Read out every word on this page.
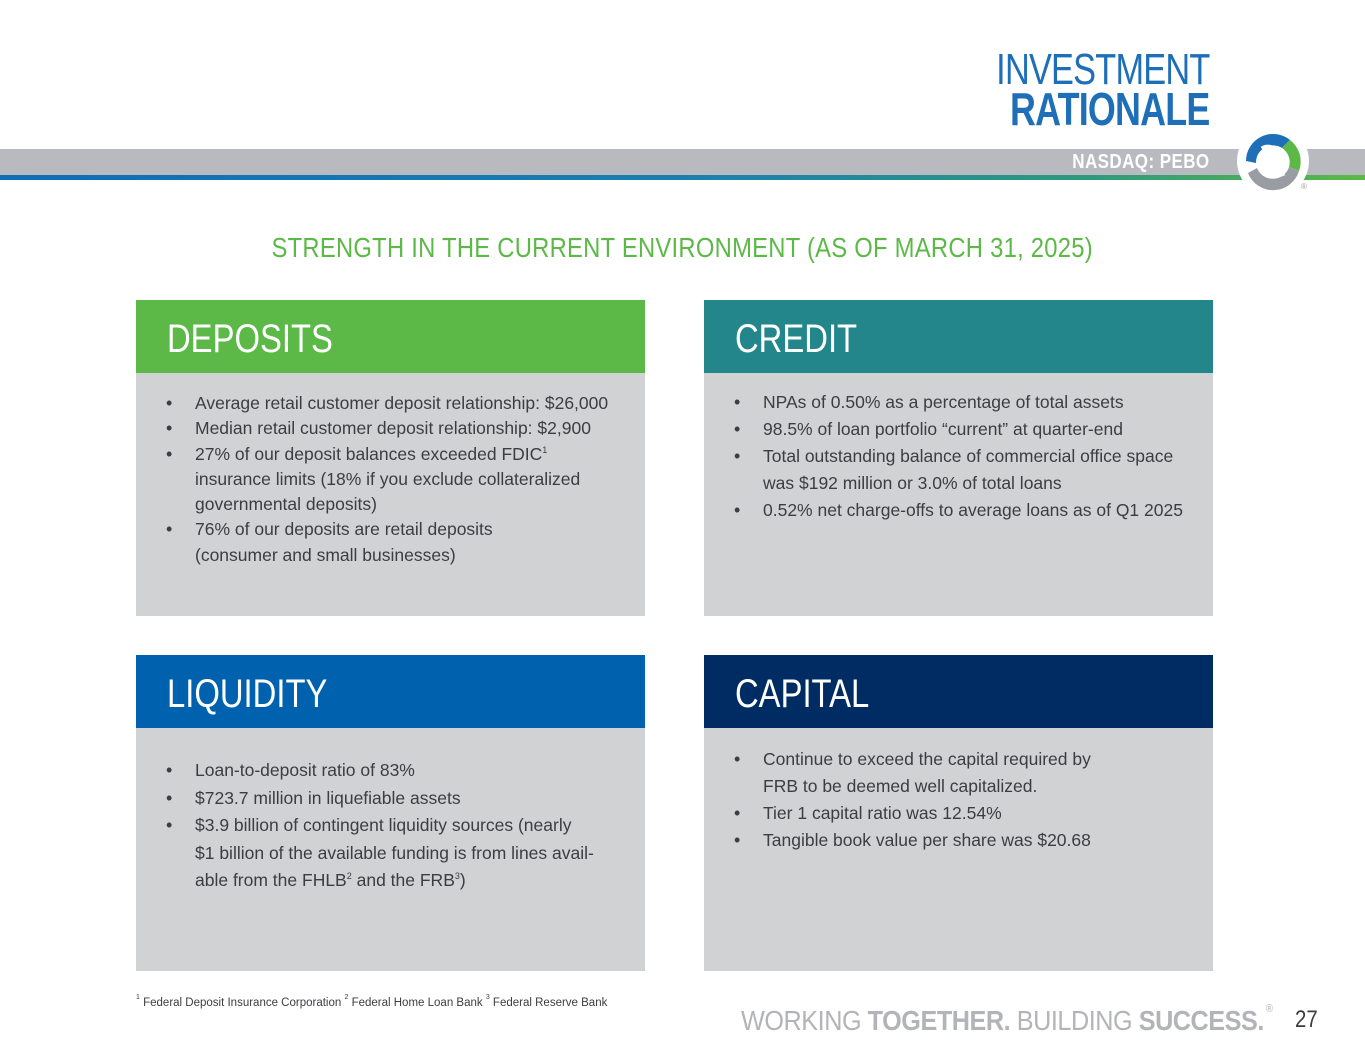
INVESTMENT
RATIONALE
NASDAQ: PEBO
®
STRENGTH IN THE CURRENT ENVIRONMENT (AS OF MARCH 31, 2025)
DEPOSITS
• Average retail customer deposit relationship: $26,000
• Median retail customer deposit relationship: $2,900
• 27% of our deposit balances exceeded FDIC$^1$
insurance limits (18% if you exclude collateralized
governmental deposits)
• 76% of our deposits are retail deposits
(consumer and small businesses)
CREDIT
• NPAs of 0.50% as a percentage of total assets
• 98.5% of loan portfolio “current” at quarter-end
• Total outstanding balance of commercial office space
was $192 million or 3.0% of total loans
• 0.52% net charge-offs to average loans as of Q1 2025
LIQUIDITY
• Loan-to-deposit ratio of 83%
• $723.7 million in liquefiable assets
• $3.9 billion of contingent liquidity sources (nearly
$1 billion of the available funding is from lines avail-
able from the FHLB$^2$ and the FRB$^3$)
CAPITAL
• Continue to exceed the capital required by
FRB to be deemed well capitalized.
• Tier 1 capital ratio was 12.54%
• Tangible book value per share was $20.68
$^1$ Federal Deposit Insurance Corporation $^2$ Federal Home Loan Bank $^3$ Federal Reserve Bank
WORKING TOGETHER. BUILDING SUCCESS. ® 27
